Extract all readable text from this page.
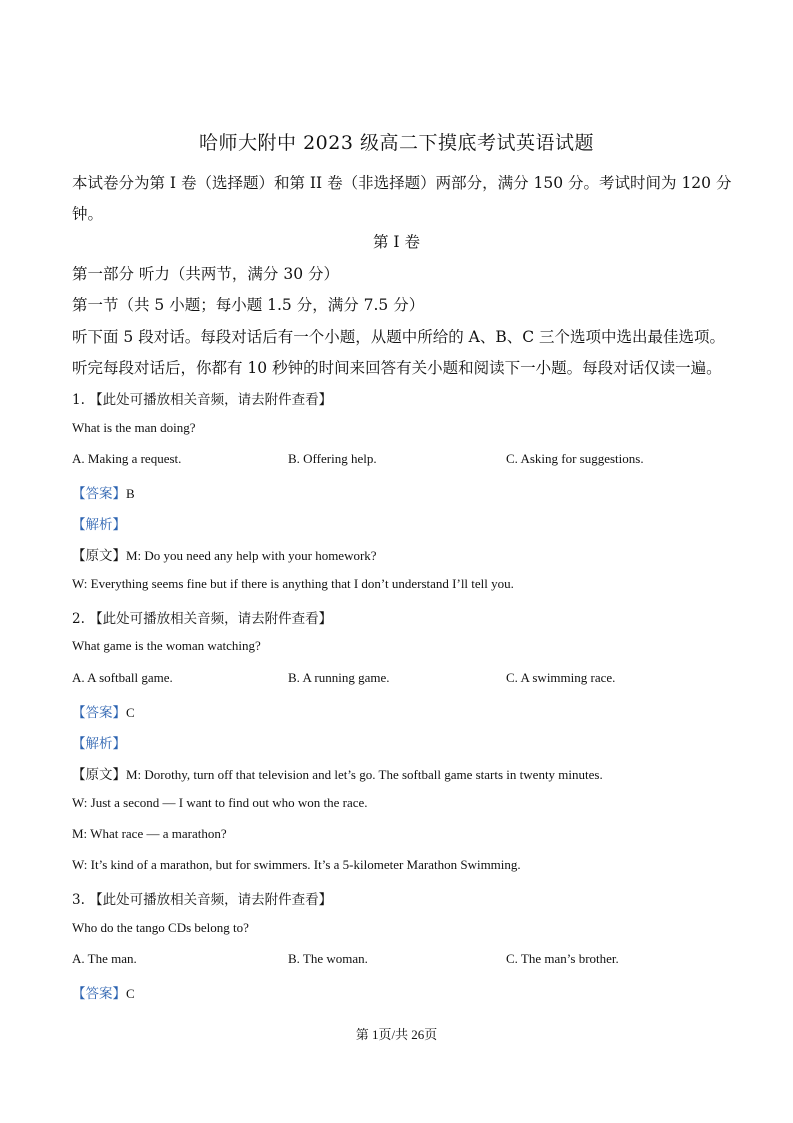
哈师大附中 2023 级高二下摸底考试英语试题
本试卷分为第 I 卷（选择题）和第 II 卷（非选择题）两部分，满分 150 分。考试时间为 120 分钟。
第 I 卷
第一部分 听力（共两节，满分 30 分）
第一节（共 5 小题；每小题 1.5 分，满分 7.5 分）
听下面 5 段对话。每段对话后有一个小题，从题中所给的 A、B、C 三个选项中选出最佳选项。
听完每段对话后，你都有 10 秒钟的时间来回答有关小题和阅读下一小题。每段对话仅读一遍。
1. 【此处可播放相关音频，请去附件查看】
What is the man doing?
A. Making a request.	B. Offering help.	C. Asking for suggestions.
【答案】B
【解析】
【原文】M: Do you need any help with your homework?
W: Everything seems fine but if there is anything that I don’t understand I’ll tell you.
2. 【此处可播放相关音频，请去附件查看】
What game is the woman watching?
A. A softball game.	B. A running game.	C. A swimming race.
【答案】C
【解析】
【原文】M: Dorothy, turn off that television and let’s go. The softball game starts in twenty minutes.
W: Just a second — I want to find out who won the race.
M: What race — a marathon?
W: It’s kind of a marathon, but for swimmers. It’s a 5-kilometer Marathon Swimming.
3. 【此处可播放相关音频，请去附件查看】
Who do the tango CDs belong to?
A. The man.	B. The woman.	C. The man’s brother.
【答案】C
第 1页/共 26页
